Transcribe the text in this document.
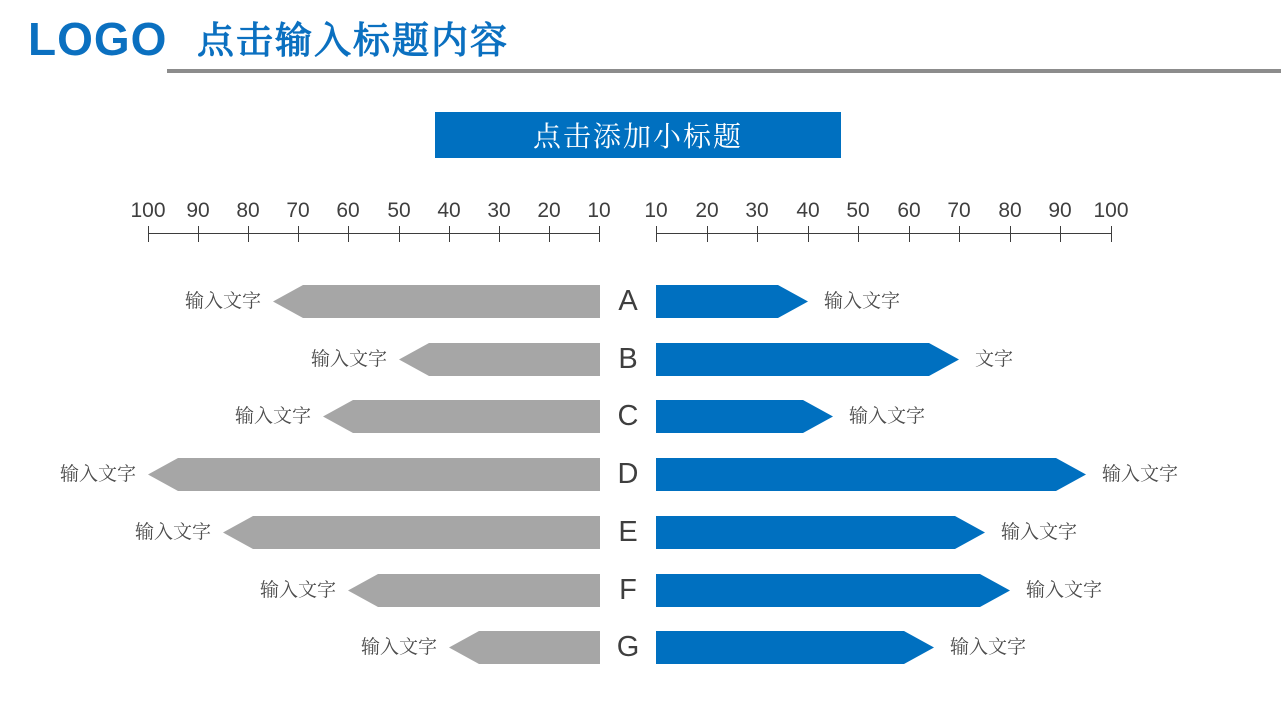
LOGO 点击输入标题内容
点击添加小标题
100 90 80 70 60 50 40 30 20 10 10 20 30 40 50 60 70 80 90 100
输入文字	A	输入文字
输入文字	B	文字
输入文字	C	输入文字
输入文字	D	输入文字
输入文字	E	输入文字
输入文字	F	输入文字
输入文字	G	输入文字
